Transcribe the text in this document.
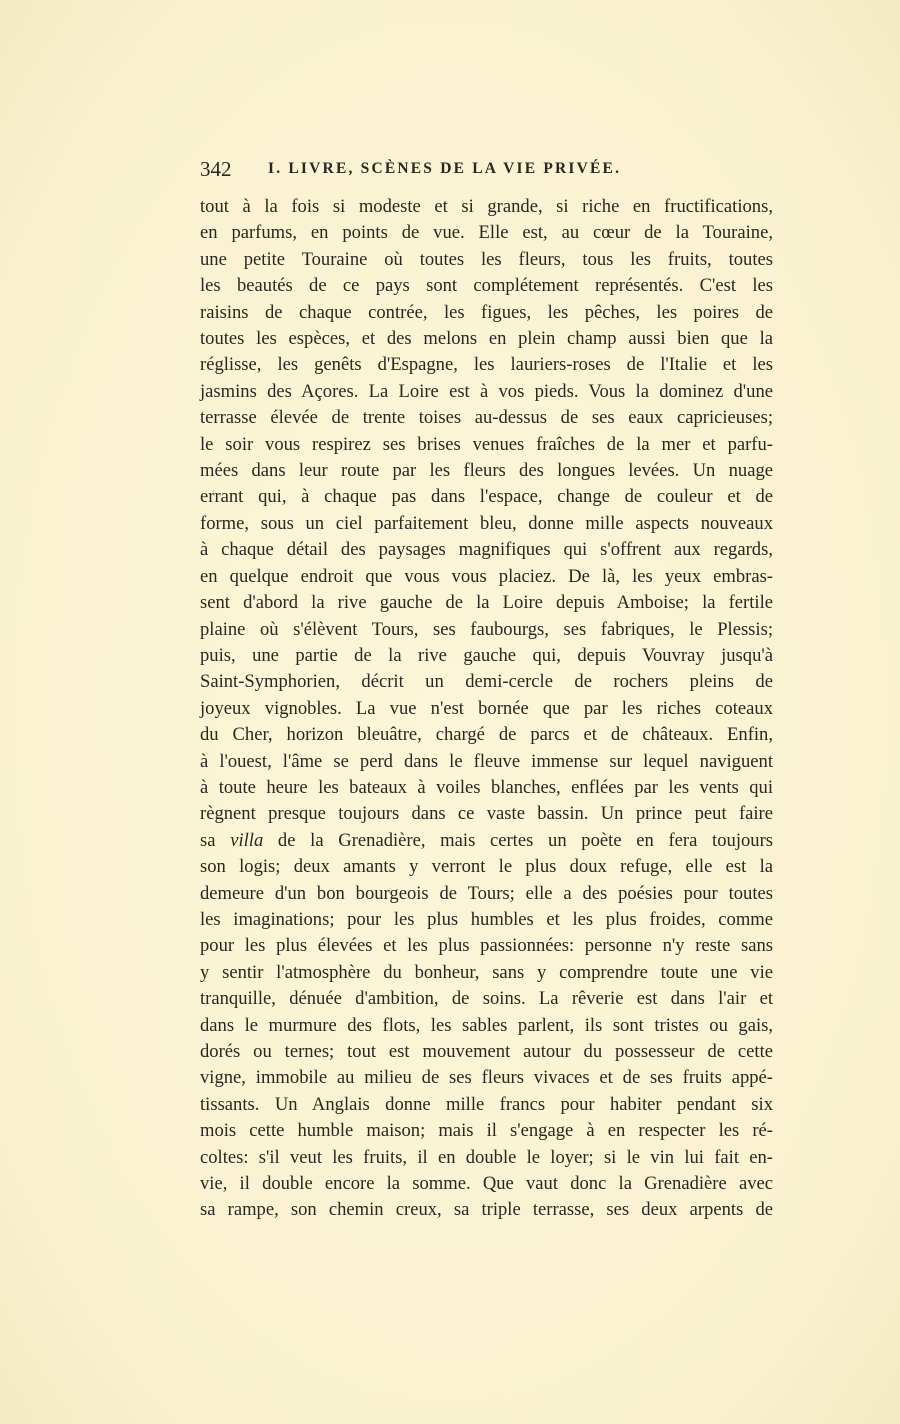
342 I. LIVRE, SCÈNES DE LA VIE PRIVÉE.
tout à la fois si modeste et si grande, si riche en fructifications,
en parfums, en points de vue. Elle est, au cœur de la Touraine,
une petite Touraine où toutes les fleurs, tous les fruits, toutes
les beautés de ce pays sont complétement représentés. C'est les
raisins de chaque contrée, les figues, les pêches, les poires de
toutes les espèces, et des melons en plein champ aussi bien que la
réglisse, les genêts d'Espagne, les lauriers-roses de l'Italie et les
jasmins des Açores. La Loire est à vos pieds. Vous la dominez d'une
terrasse élevée de trente toises au-dessus de ses eaux capricieuses;
le soir vous respirez ses brises venues fraîches de la mer et parfu-
mées dans leur route par les fleurs des longues levées. Un nuage
errant qui, à chaque pas dans l'espace, change de couleur et de
forme, sous un ciel parfaitement bleu, donne mille aspects nouveaux
à chaque détail des paysages magnifiques qui s'offrent aux regards,
en quelque endroit que vous vous placiez. De là, les yeux embras-
sent d'abord la rive gauche de la Loire depuis Amboise; la fertile
plaine où s'élèvent Tours, ses faubourgs, ses fabriques, le Plessis;
puis, une partie de la rive gauche qui, depuis Vouvray jusqu'à
Saint-Symphorien, décrit un demi-cercle de rochers pleins de
joyeux vignobles. La vue n'est bornée que par les riches coteaux
du Cher, horizon bleuâtre, chargé de parcs et de châteaux. Enfin,
à l'ouest, l'âme se perd dans le fleuve immense sur lequel naviguent
à toute heure les bateaux à voiles blanches, enflées par les vents qui
règnent presque toujours dans ce vaste bassin. Un prince peut faire
sa villa de la Grenadière, mais certes un poète en fera toujours
son logis; deux amants y verront le plus doux refuge, elle est la
demeure d'un bon bourgeois de Tours; elle a des poésies pour toutes
les imaginations; pour les plus humbles et les plus froides, comme
pour les plus élevées et les plus passionnées: personne n'y reste sans
y sentir l'atmosphère du bonheur, sans y comprendre toute une vie
tranquille, dénuée d'ambition, de soins. La rêverie est dans l'air et
dans le murmure des flots, les sables parlent, ils sont tristes ou gais,
dorés ou ternes; tout est mouvement autour du possesseur de cette
vigne, immobile au milieu de ses fleurs vivaces et de ses fruits appé-
tissants. Un Anglais donne mille francs pour habiter pendant six
mois cette humble maison; mais il s'engage à en respecter les ré-
coltes: s'il veut les fruits, il en double le loyer; si le vin lui fait en-
vie, il double encore la somme. Que vaut donc la Grenadière avec
sa rampe, son chemin creux, sa triple terrasse, ses deux arpents de
